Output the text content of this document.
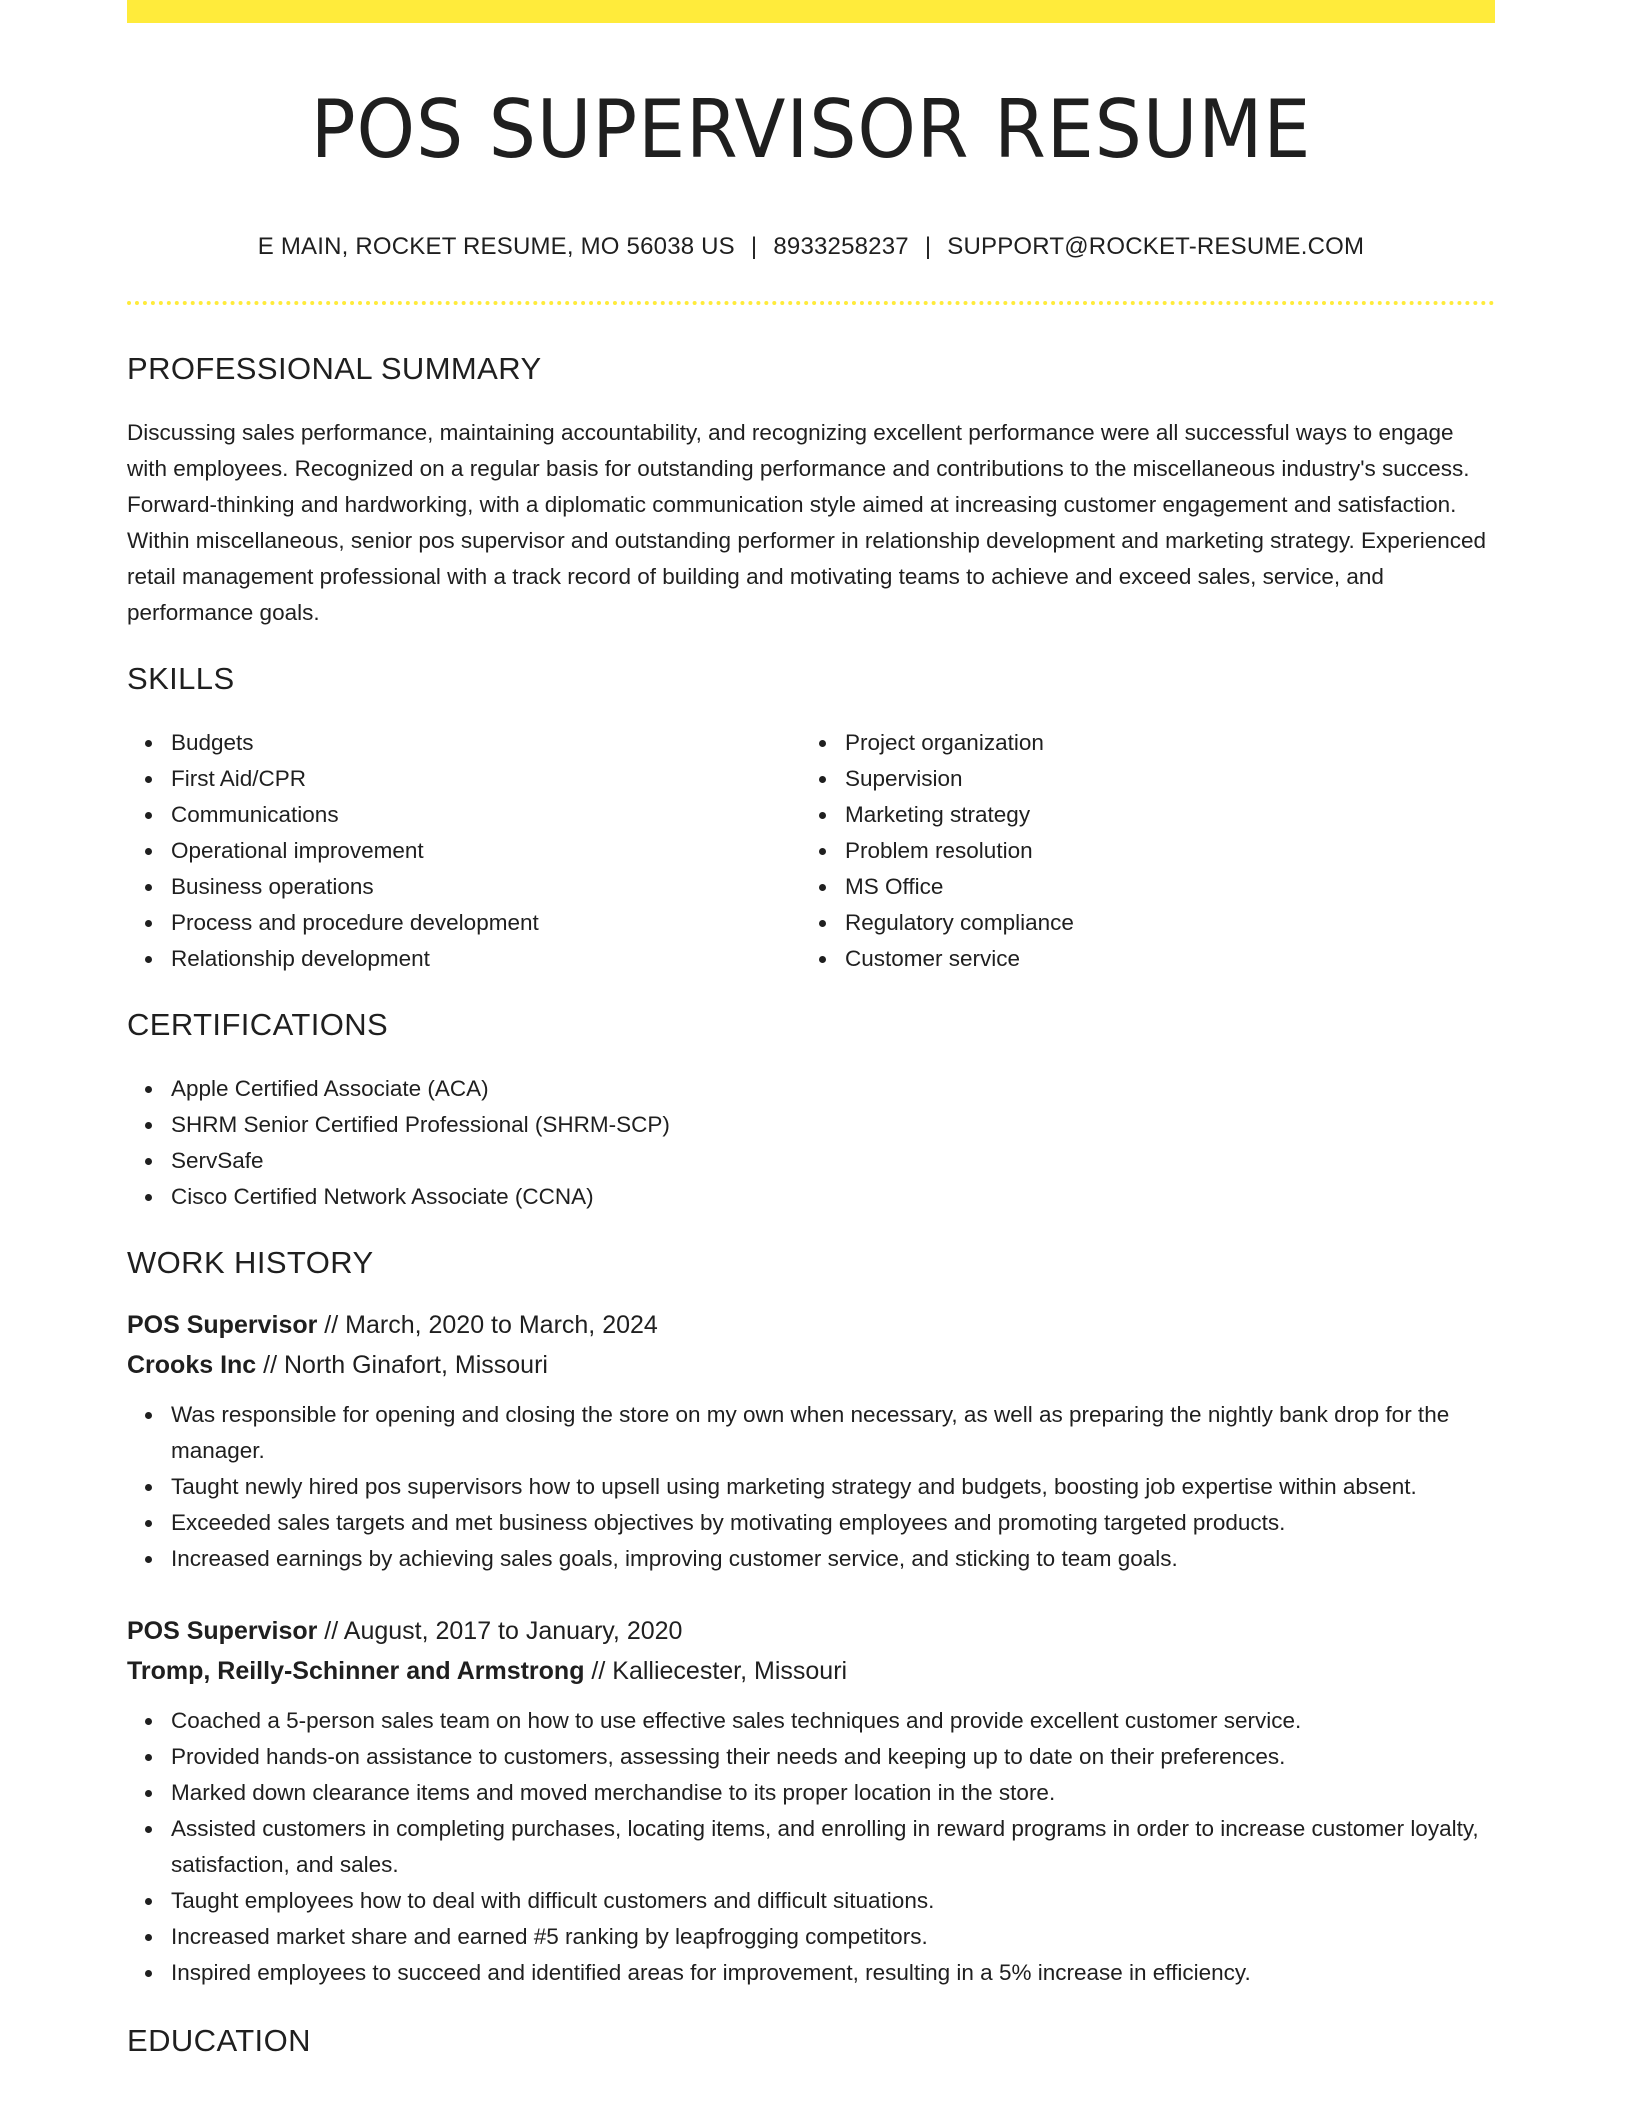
POS SUPERVISOR RESUME
E MAIN, ROCKET RESUME, MO 56038 US | 8933258237 | SUPPORT@ROCKET-RESUME.COM
PROFESSIONAL SUMMARY

Discussing sales performance, maintaining accountability, and recognizing excellent performance were all successful ways to engage with employees. Recognized on a regular basis for outstanding performance and contributions to the miscellaneous industry's success. Forward-thinking and hardworking, with a diplomatic communication style aimed at increasing customer engagement and satisfaction. Within miscellaneous, senior pos supervisor and outstanding performer in relationship development and marketing strategy. Experienced retail management professional with a track record of building and motivating teams to achieve and exceed sales, service, and performance goals.

SKILLS
Budgets
First Aid/CPR
Communications
Operational improvement
Business operations
Process and procedure development
Relationship development
Project organization
Supervision
Marketing strategy
Problem resolution
MS Office
Regulatory compliance
Customer service
CERTIFICATIONS
Apple Certified Associate (ACA)
SHRM Senior Certified Professional (SHRM-SCP)
ServSafe
Cisco Certified Network Associate (CCNA)
WORK HISTORY
POS Supervisor // March, 2020 to March, 2024
Crooks Inc // North Ginafort, Missouri
Was responsible for opening and closing the store on my own when necessary, as well as preparing the nightly bank drop for the manager.
Taught newly hired pos supervisors how to upsell using marketing strategy and budgets, boosting job expertise within absent.
Exceeded sales targets and met business objectives by motivating employees and promoting targeted products.
Increased earnings by achieving sales goals, improving customer service, and sticking to team goals.
POS Supervisor // August, 2017 to January, 2020
Tromp, Reilly-Schinner and Armstrong // Kalliecester, Missouri
Coached a 5-person sales team on how to use effective sales techniques and provide excellent customer service.
Provided hands-on assistance to customers, assessing their needs and keeping up to date on their preferences.
Marked down clearance items and moved merchandise to its proper location in the store.
Assisted customers in completing purchases, locating items, and enrolling in reward programs in order to increase customer loyalty, satisfaction, and sales.
Taught employees how to deal with difficult customers and difficult situations.
Increased market share and earned #5 ranking by leapfrogging competitors.
Inspired employees to succeed and identified areas for improvement, resulting in a 5% increase in efficiency.
EDUCATION
